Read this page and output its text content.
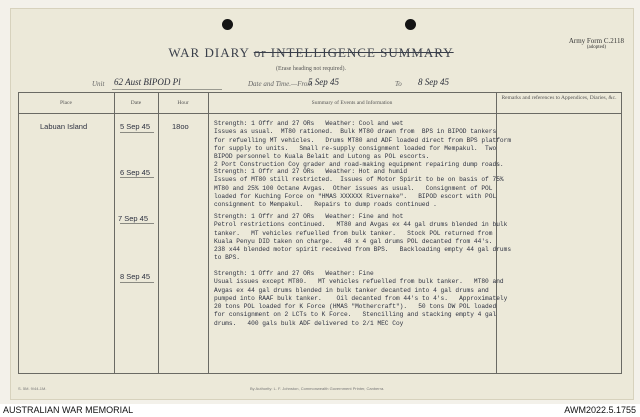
WAR DIARY or INTELLIGENCE SUMMARY
(Erase heading not required).
Army Form C.2118
(adopted)
Unit 62 Aust BIPOD Pl	Date and Time.—From
5 Sep 45	To 8 Sep 45
Place	Date	Hour	Summary of Events and Information
Remarks and references to Appendices, Diaries, &c.
Labuan Island	5 Sep 45	18oo	Strength: 1 Offr and 27 ORs   Weather: Cool and wet
Issues as usual.  MT80 rationed.  Bulk MT80 drawn from  BPS in BIPOD tankers
for refuelling MT vehicles.   Drums MT80 and ADF loaded direct from BPS platform
for supply to units.   Small re-supply consignment loaded for Mempakul.  Two
BIPOD personnel to Kuala Belait and Lutong as POL escorts.
2 Port Construction Coy grader and road-making equipment repairing dump roads.
6 Sep 45	Strength: 1 Offr and 27 ORs   Weather: Hot and humid
Issues of MT80 still restricted.  Issues of Motor Spirit to be on basis of 75%
MT80 and 25% 100 Octane Avgas.  Other issues as usual.   Consignment of POL
loaded for Kuching Force on "HMAS XXXXXX Rivernake".   BIPOD escort with POL
consignment to Mempakul.   Repairs to dump roads continued .
7 Sep 45	Strength: 1 Offr and 27 ORs   Weather: Fine and hot
Petrol restrictions continued.   MT80 and Avgas ex 44 gal drums blended in bulk
tanker.   MT vehicles refuelled from bulk tanker.   Stock POL returned from
Kuala Penyu DID taken on charge.   48 x 4 gal drums POL decanted from 44's.
238 x44 blended motor spirit received from BPS.   Backloading empty 44 gal drums
to BPS.
8 Sep 45	Strength: 1 Offr and 27 ORs   Weather: Fine
Usual issues except MT80.   MT vehicles refuelled from bulk tanker.   MT80 and
Avgas ex 44 gal drums blended in bulk tanker decanted into 4 gal drums and
pumped into RAAF bulk tanker.    Oil decanted from 44's to 4's.   Approximately
20 tons POL loaded for K Force (HMAS "Mothercraft").   50 tons DW POL loaded
for consignment on 2 LCTs to K Force.   Stencilling and stacking empty 4 gal
drums.   400 gals bulk ADF delivered to 2/1 MEC Coy
S. 5M. 9/44-1M.	By Authority: L. F. Johnston, Commonwealth Government Printer, Canberra.
AUSTRALIAN WAR MEMORIAL	AWM2022.5.1755
